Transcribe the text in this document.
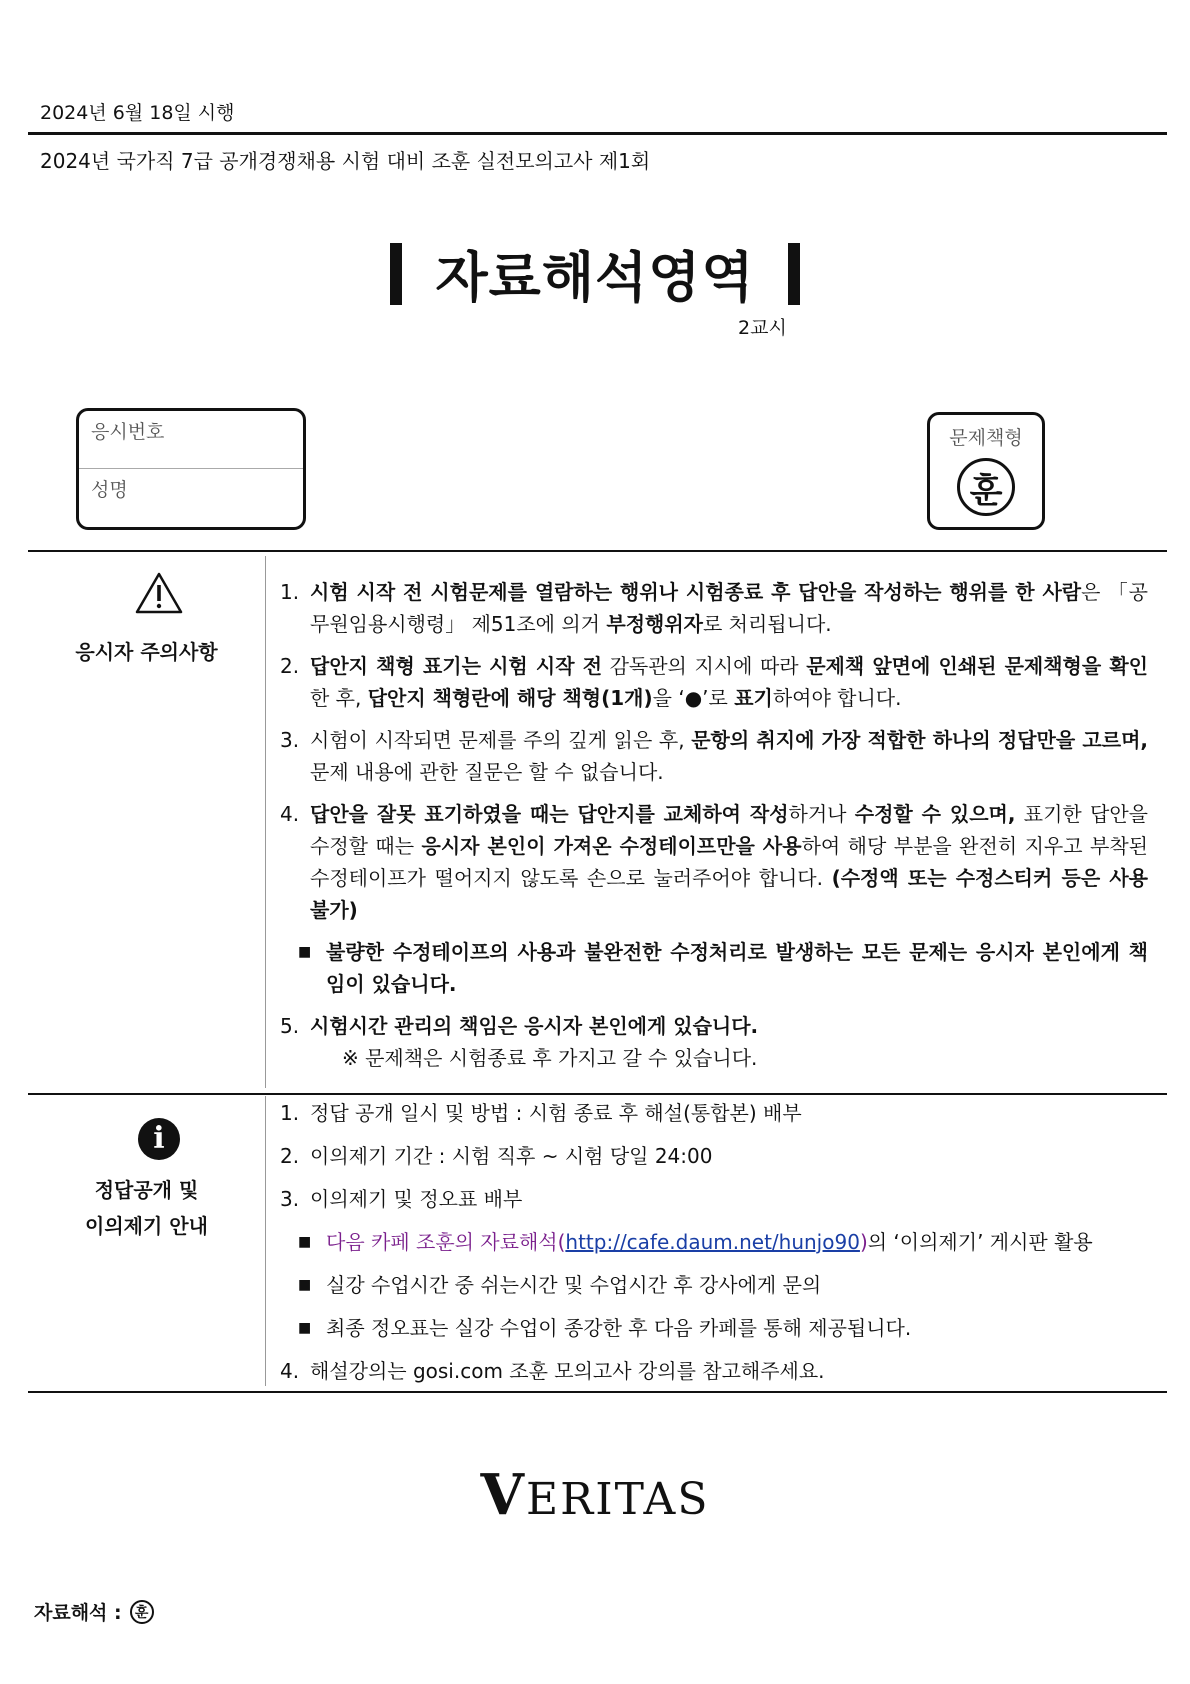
2024년 6월 18일 시행
2024년 국가직 7급 공개경쟁채용 시험 대비 조훈 실전모의고사 제1회
자료해석영역
2교시
응시번호
성명
문제책형
훈
응시자 주의사항
1. 시험 시작 전 시험문제를 열람하는 행위나 시험종료 후 답안을 작성하는 행위를 한 사람은 「공무원임용시행령」 제51조에 의거 부정행위자로 처리됩니다.
2. 답안지 책형 표기는 시험 시작 전 감독관의 지시에 따라 문제책 앞면에 인쇄된 문제책형을 확인한 후, 답안지 책형란에 해당 책형(1개)을 ‘●’로 표기하여야 합니다.
3. 시험이 시작되면 문제를 주의 깊게 읽은 후, 문항의 취지에 가장 적합한 하나의 정답만을 고르며, 문제 내용에 관한 질문은 할 수 없습니다.
4. 답안을 잘못 표기하였을 때는 답안지를 교체하여 작성하거나 수정할 수 있으며, 표기한 답안을 수정할 때는 응시자 본인이 가져온 수정테이프만을 사용하여 해당 부분을 완전히 지우고 부착된 수정테이프가 떨어지지 않도록 손으로 눌러주어야 합니다. (수정액 또는 수정스티커 등은 사용 불가)
■ 불량한 수정테이프의 사용과 불완전한 수정처리로 발생하는 모든 문제는 응시자 본인에게 책임이 있습니다.
5. 시험시간 관리의 책임은 응시자 본인에게 있습니다.
※ 문제책은 시험종료 후 가지고 갈 수 있습니다.
i
정답공개 및
이의제기 안내
1. 정답 공개 일시 및 방법 : 시험 종료 후 해설(통합본) 배부
2. 이의제기 기간 : 시험 직후 ~ 시험 당일 24:00
3. 이의제기 및 정오표 배부
■ 다음 카페 조훈의 자료해석(http://cafe.daum.net/hunjo90)의 ‘이의제기’ 게시판 활용
■ 실강 수업시간 중 쉬는시간 및 수업시간 후 강사에게 문의
■ 최종 정오표는 실강 수업이 종강한 후 다음 카페를 통해 제공됩니다.
4. 해설강의는 gosi.com 조훈 모의고사 강의를 참고해주세요.
VERITAS
자료해석 : 훈
